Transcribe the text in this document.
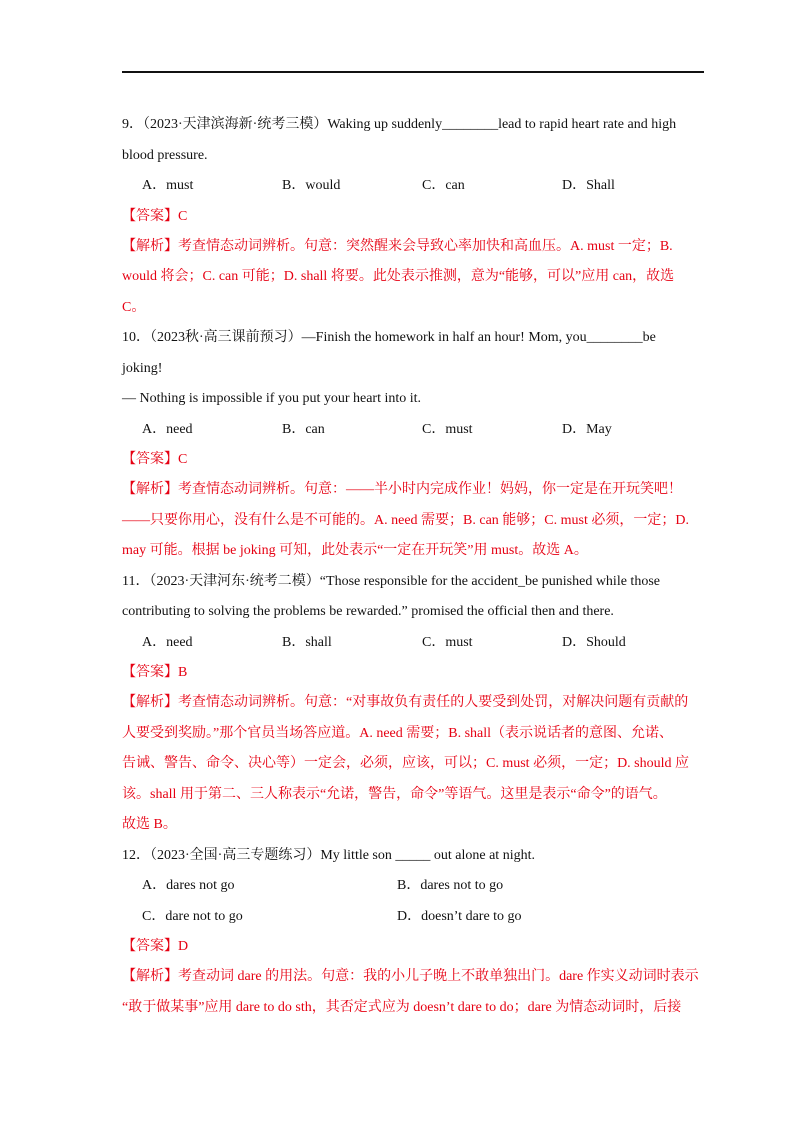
9．（2023·天津滨海新·统考三模）Waking up suddenly________lead to rapid heart rate and high
blood pressure.
A．must	B．would	C．can	D．Shall
【答案】C
【解析】考查情态动词辨析。句意：突然醒来会导致心率加快和高血压。A. must 一定；B.
would 将会；C. can 可能；D. shall 将要。此处表示推测，意为“能够，可以”应用 can，故选
C。
10．（2023秋·高三课前预习）—Finish the homework in half an hour! Mom, you________be
joking!
— Nothing is impossible if you put your heart into it.
A．need	B．can	C．must	D．May
【答案】C
【解析】考查情态动词辨析。句意：——半小时内完成作业！妈妈，你一定是在开玩笑吧！
——只要你用心，没有什么是不可能的。A. need 需要；B. can 能够；C. must 必须，一定；D.
may 可能。根据 be joking 可知，此处表示“一定在开玩笑”用 must。故选 A。
11．（2023·天津河东·统考二模）“Those responsible for the accident_be punished while those
contributing to solving the problems be rewarded.” promised the official then and there.
A．need	B．shall	C．must	D．Should
【答案】B
【解析】考查情态动词辨析。句意：“对事故负有责任的人要受到处罚，对解决问题有贡献的
人要受到奖励。”那个官员当场答应道。A. need 需要；B. shall（表示说话者的意图、允诺、
告诫、警告、命令、决心等）一定会，必须，应该，可以；C. must 必须，一定；D. should 应
该。shall 用于第二、三人称表示“允诺，警告，命令”等语气。这里是表示“命令”的语气。
故选 B。
12．（2023·全国·高三专题练习）My little son _____ out alone at night.
A．dares not go	B．dares not to go
C．dare not to go	D．doesn’t dare to go
【答案】D
【解析】考查动词 dare 的用法。句意：我的小儿子晚上不敢单独出门。dare 作实义动词时表示
“敢于做某事”应用 dare to do sth，其否定式应为 doesn’t dare to do；dare 为情态动词时，后接
